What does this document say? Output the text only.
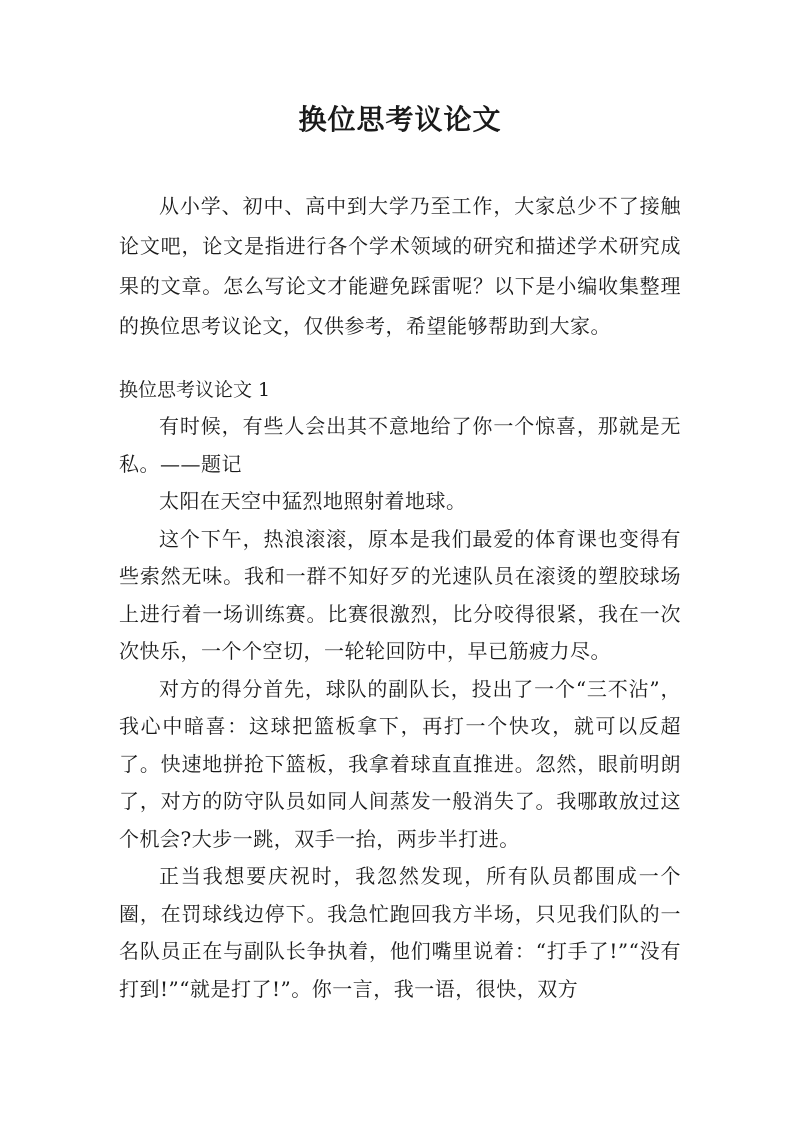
换位思考议论文

从小学、初中、高中到大学乃至工作，大家总少不了接触论文吧，论文是指进行各个学术领域的研究和描述学术研究成果的文章。怎么写论文才能避免踩雷呢？以下是小编收集整理的换位思考议论文，仅供参考，希望能够帮助到大家。

换位思考议论文 1

有时候，有些人会出其不意地给了你一个惊喜，那就是无私。——题记

太阳在天空中猛烈地照射着地球。

这个下午，热浪滚滚，原本是我们最爱的体育课也变得有些索然无味。我和一群不知好歹的光速队员在滚烫的塑胶球场上进行着一场训练赛。比赛很激烈，比分咬得很紧，我在一次次快乐，一个个空切，一轮轮回防中，早已筋疲力尽。

对方的得分首先，球队的副队长，投出了一个“三不沾”，我心中暗喜：这球把篮板拿下，再打一个快攻，就可以反超了。快速地拼抢下篮板，我拿着球直直推进。忽然，眼前明朗了，对方的防守队员如同人间蒸发一般消失了。我哪敢放过这个机会?大步一跳，双手一抬，两步半打进。

正当我想要庆祝时，我忽然发现，所有队员都围成一个圈，在罚球线边停下。我急忙跑回我方半场，只见我们队的一名队员正在与副队长争执着，他们嘴里说着：“打手了!”“没有打到!”“就是打了!”。你一言，我一语，很快，双方
